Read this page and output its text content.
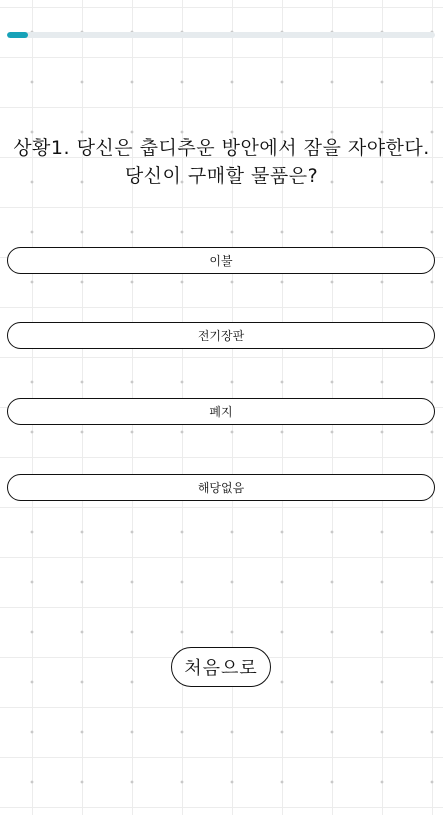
상황1. 당신은 춥디추운 방안에서 잠을 자야한다.
당신이 구매할 물품은?
이불
전기장판
폐지
해당없음
처음으로
